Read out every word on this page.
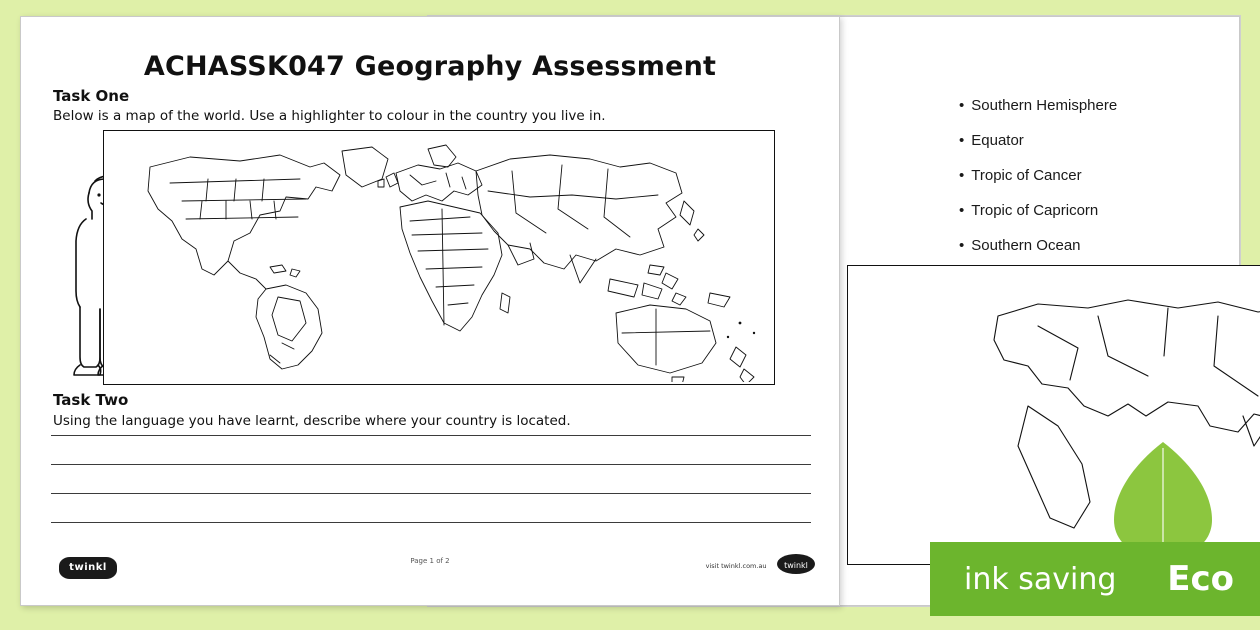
• Southern Hemisphere
• Equator
• Tropic of Cancer
• Tropic of Capricorn
• Southern Ocean
ACHASSK047 Geography Assessment
Task One
Below is a map of the world. Use a highlighter to colour in the country you live in.
Task Two
Using the language you have learnt, describe where your country is located.
twinkl
Page 1 of 2
visit twinkl.com.au twinkl	ink saving Eco
